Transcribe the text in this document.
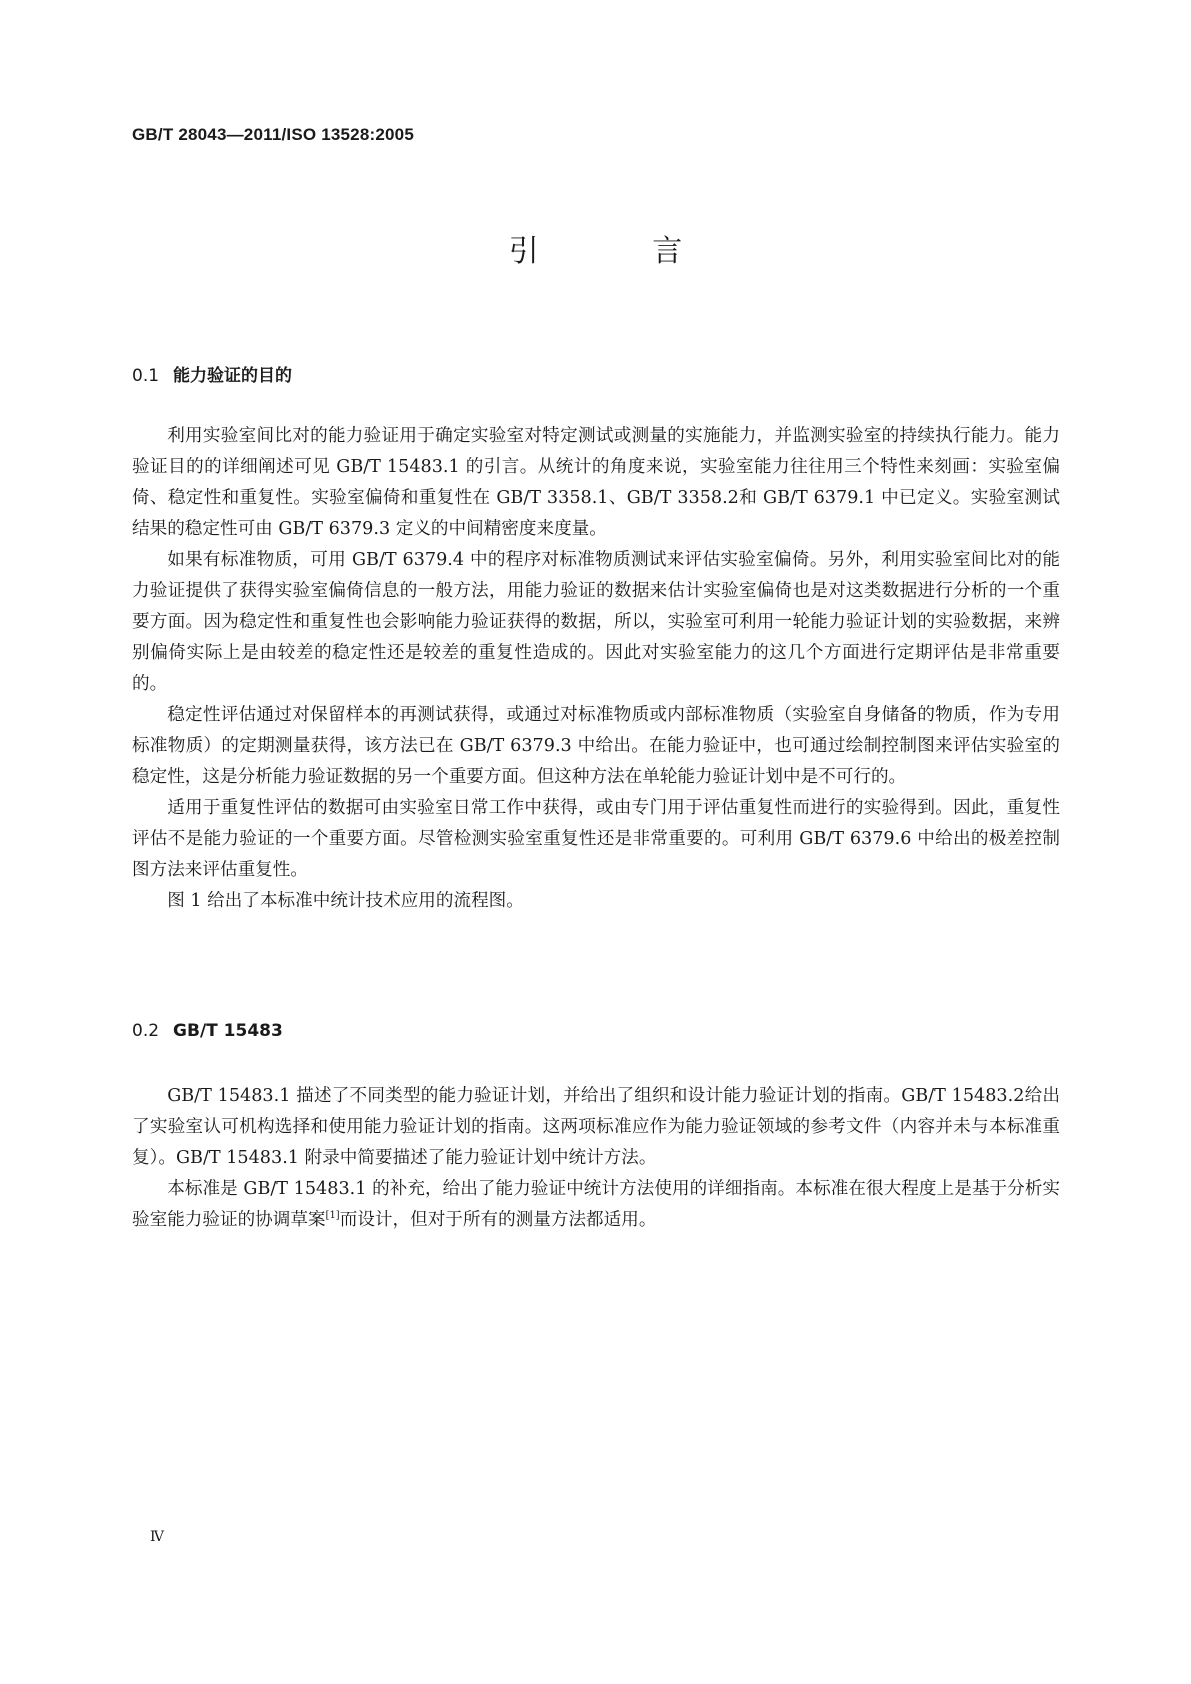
GB/T 28043—2011/ISO 13528:2005
引 言
0.1 能力验证的目的

利用实验室间比对的能力验证用于确定实验室对特定测试或测量的实施能力，并监测实验室的持续执行能力。能力验证目的的详细阐述可见 GB/T 15483.1 的引言。从统计的角度来说，实验室能力往往用三个特性来刻画：实验室偏倚、稳定性和重复性。实验室偏倚和重复性在 GB/T 3358.1、GB/T 3358.2和 GB/T 6379.1 中已定义。实验室测试结果的稳定性可由 GB/T 6379.3 定义的中间精密度来度量。

如果有标准物质，可用 GB/T 6379.4 中的程序对标准物质测试来评估实验室偏倚。另外，利用实验室间比对的能力验证提供了获得实验室偏倚信息的一般方法，用能力验证的数据来估计实验室偏倚也是对这类数据进行分析的一个重要方面。因为稳定性和重复性也会影响能力验证获得的数据，所以，实验室可利用一轮能力验证计划的实验数据，来辨别偏倚实际上是由较差的稳定性还是较差的重复性造成的。因此对实验室能力的这几个方面进行定期评估是非常重要的。

稳定性评估通过对保留样本的再测试获得，或通过对标准物质或内部标准物质（实验室自身储备的物质，作为专用标准物质）的定期测量获得，该方法已在 GB/T 6379.3 中给出。在能力验证中，也可通过绘制控制图来评估实验室的稳定性，这是分析能力验证数据的另一个重要方面。但这种方法在单轮能力验证计划中是不可行的。

适用于重复性评估的数据可由实验室日常工作中获得，或由专门用于评估重复性而进行的实验得到。因此，重复性评估不是能力验证的一个重要方面。尽管检测实验室重复性还是非常重要的。可利用 GB/T 6379.6 中给出的极差控制图方法来评估重复性。

图 1 给出了本标准中统计技术应用的流程图。

0.2 GB/T 15483

GB/T 15483.1 描述了不同类型的能力验证计划，并给出了组织和设计能力验证计划的指南。GB/T 15483.2给出了实验室认可机构选择和使用能力验证计划的指南。这两项标准应作为能力验证领域的参考文件（内容并未与本标准重复）。GB/T 15483.1 附录中简要描述了能力验证计划中统计方法。

本标准是 GB/T 15483.1 的补充，给出了能力验证中统计方法使用的详细指南。本标准在很大程度上是基于分析实验室能力验证的协调草案[1]而设计，但对于所有的测量方法都适用。

Ⅳ
